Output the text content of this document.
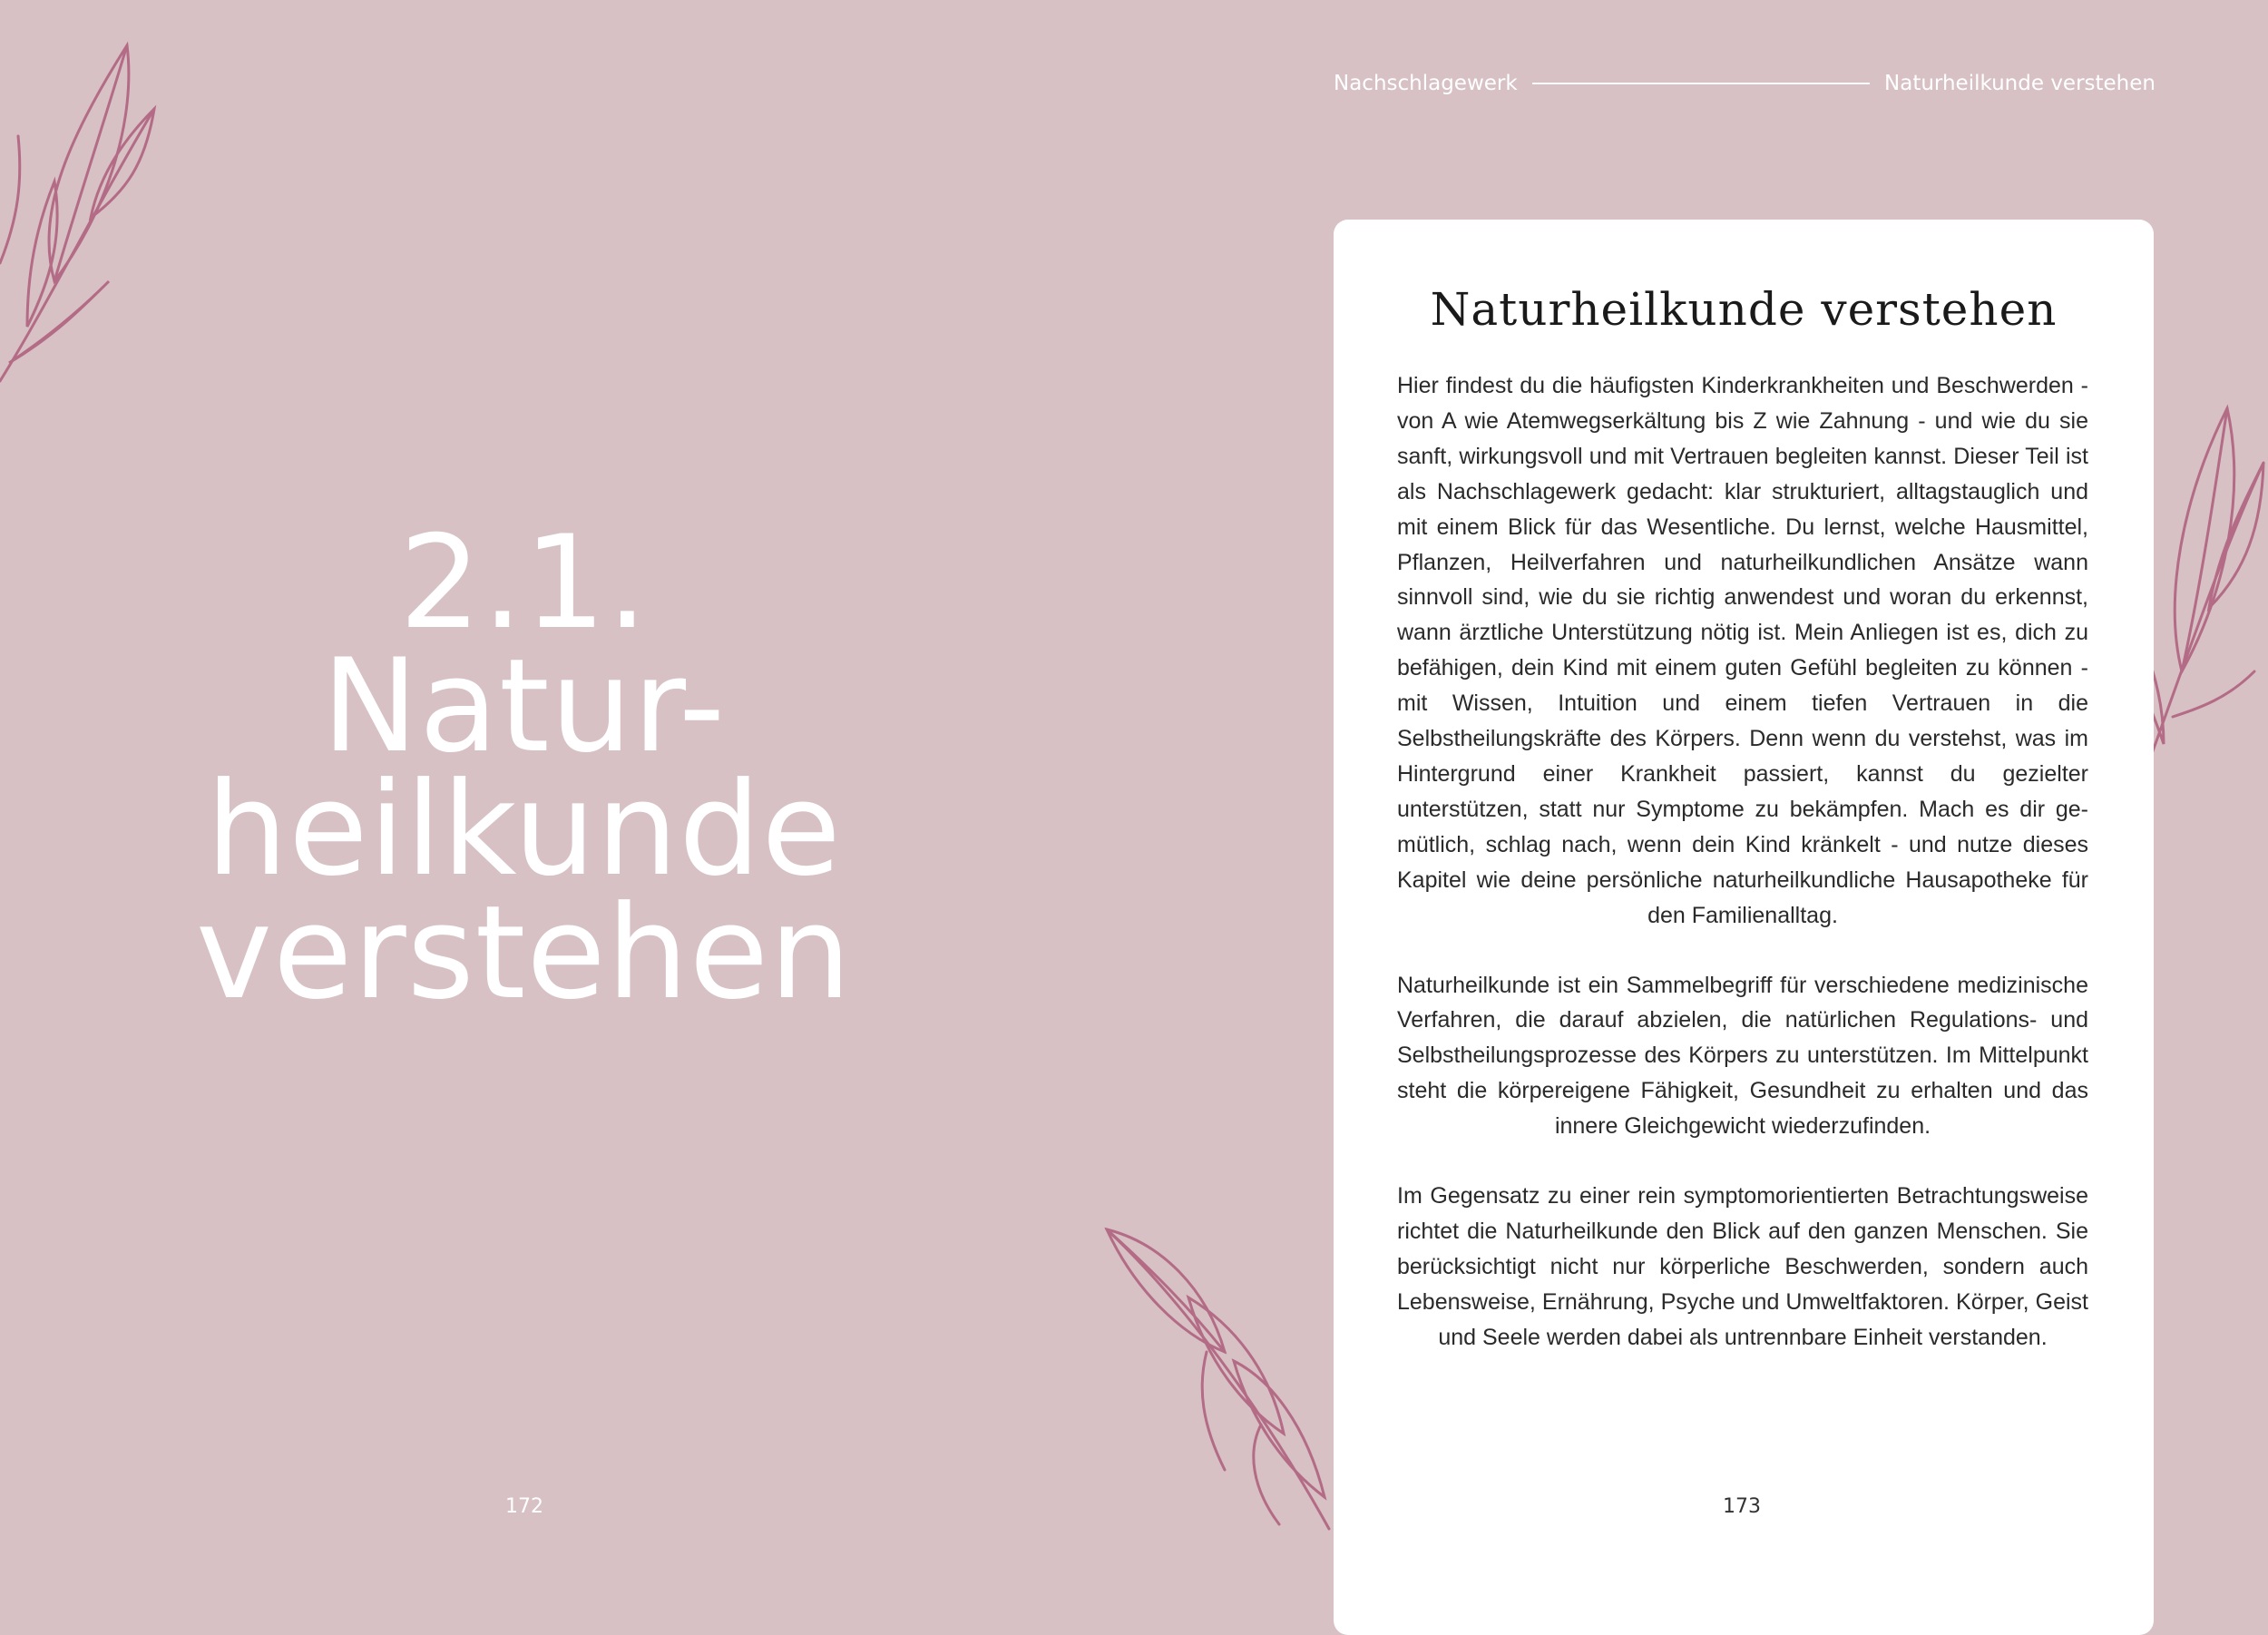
Nachschlagewerk	Naturheilkunde verstehen
2.1.
Natur-
heilkunde
verstehen
Naturheilkunde verstehen

Hier findest du die häufigsten Kinderkrankheiten und Beschwerden - von A wie Atemwegserkältung bis Z wie Zahnung - und wie du sie sanft, wirkungsvoll und mit Vertrauen begleiten kannst. Dieser Teil ist als Nachschlagewerk gedacht: klar strukturiert, alltagstauglich und mit einem Blick für das Wesentliche. Du lernst, welche Hausmittel, Pflanzen, Heilverfahren und naturheilkundlichen Ansätze wann sinnvoll sind, wie du sie richtig anwendest und woran du erkennst, wann ärztliche Unterstützung nötig ist. Mein Anliegen ist es, dich zu befähigen, dein Kind mit einem guten Gefühl begleiten zu können - mit Wissen, Intuition und einem tiefen Vertrauen in die Selbstheilungskräfte des Körpers. Denn wenn du verstehst, was im Hintergrund einer Krankheit passiert, kannst du gezielter unterstützen, statt nur Symptome zu bekämpfen. Mach es dir gemütlich, schlag nach, wenn dein Kind kränkelt - und nutze dieses Kapitel wie deine persönliche naturheilkundliche Hausapotheke für den Familienalltag.

Naturheilkunde ist ein Sammelbegriff für verschiedene medizinische Verfahren, die darauf abzielen, die natürlichen Regulations- und Selbstheilungsprozesse des Körpers zu unterstützen. Im Mittelpunkt steht die körpereigene Fähigkeit, Gesundheit zu erhalten und das innere Gleichgewicht wiederzufinden.

Im Gegensatz zu einer rein symptomorientierten Betrachtungsweise richtet die Naturheilkunde den Blick auf den ganzen Menschen. Sie berücksichtigt nicht nur körperliche Beschwerden, sondern auch Lebensweise, Ernährung, Psyche und Umweltfaktoren. Körper, Geist und Seele werden dabei als untrennbare Einheit verstanden.

172	173
